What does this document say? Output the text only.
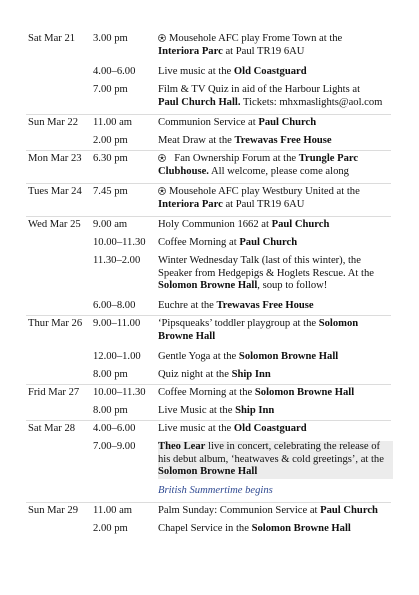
Sat Mar 21 3.00 pm	Mousehole AFC play Frome Town at the
Interiora Parc at Paul TR19 6AU
4.00–6.00 Live music at the Old Coastguard
7.00 pm	Film & TV Quiz in aid of the Harbour Lights at
Paul Church Hall. Tickets: mhxmaslights@aol.com
Sun Mar 22 11.00 am Communion Service at Paul Church
2.00 pm	Meat Draw at the Trewavas Free House
Mon Mar 23 6.30 pm	Fan Ownership Forum at the Trungle Parc
Clubhouse. All welcome, please come along
Tues Mar 24 7.45 pm	Mousehole AFC play Westbury United at the
Interiora Parc at Paul TR19 6AU
Wed Mar 25 9.00 am	Holy Communion 1662 at Paul Church
10.00–11.30 Coffee Morning at Paul Church
11.30–2.00 Winter Wednesday Talk (last of this winter), the
Speaker from Hedgepigs & Hoglets Rescue. At the
Solomon Browne Hall, soup to follow!
6.00–8.00 Euchre at the Trewavas Free House
Thur Mar 26 9.00–11.00 ‘Pipsqueaks’ toddler playgroup at the Solomon
Browne Hall
12.00–1.00 Gentle Yoga at the Solomon Browne Hall
8.00 pm	Quiz night at the Ship Inn
Frid Mar 27 10.00–11.30 Coffee Morning at the Solomon Browne Hall
8.00 pm	Live Music at the Ship Inn
Sat Mar 28 4.00–6.00 Live music at the Old Coastguard
7.00–9.00 Theo Lear live in concert, celebrating the release of
his debut album, ‘heatwaves & cold greetings’, at the
Solomon Browne Hall
British Summertime begins
Sun Mar 29 11.00 am Palm Sunday: Communion Service at Paul Church
2.00 pm	Chapel Service in the Solomon Browne Hall
